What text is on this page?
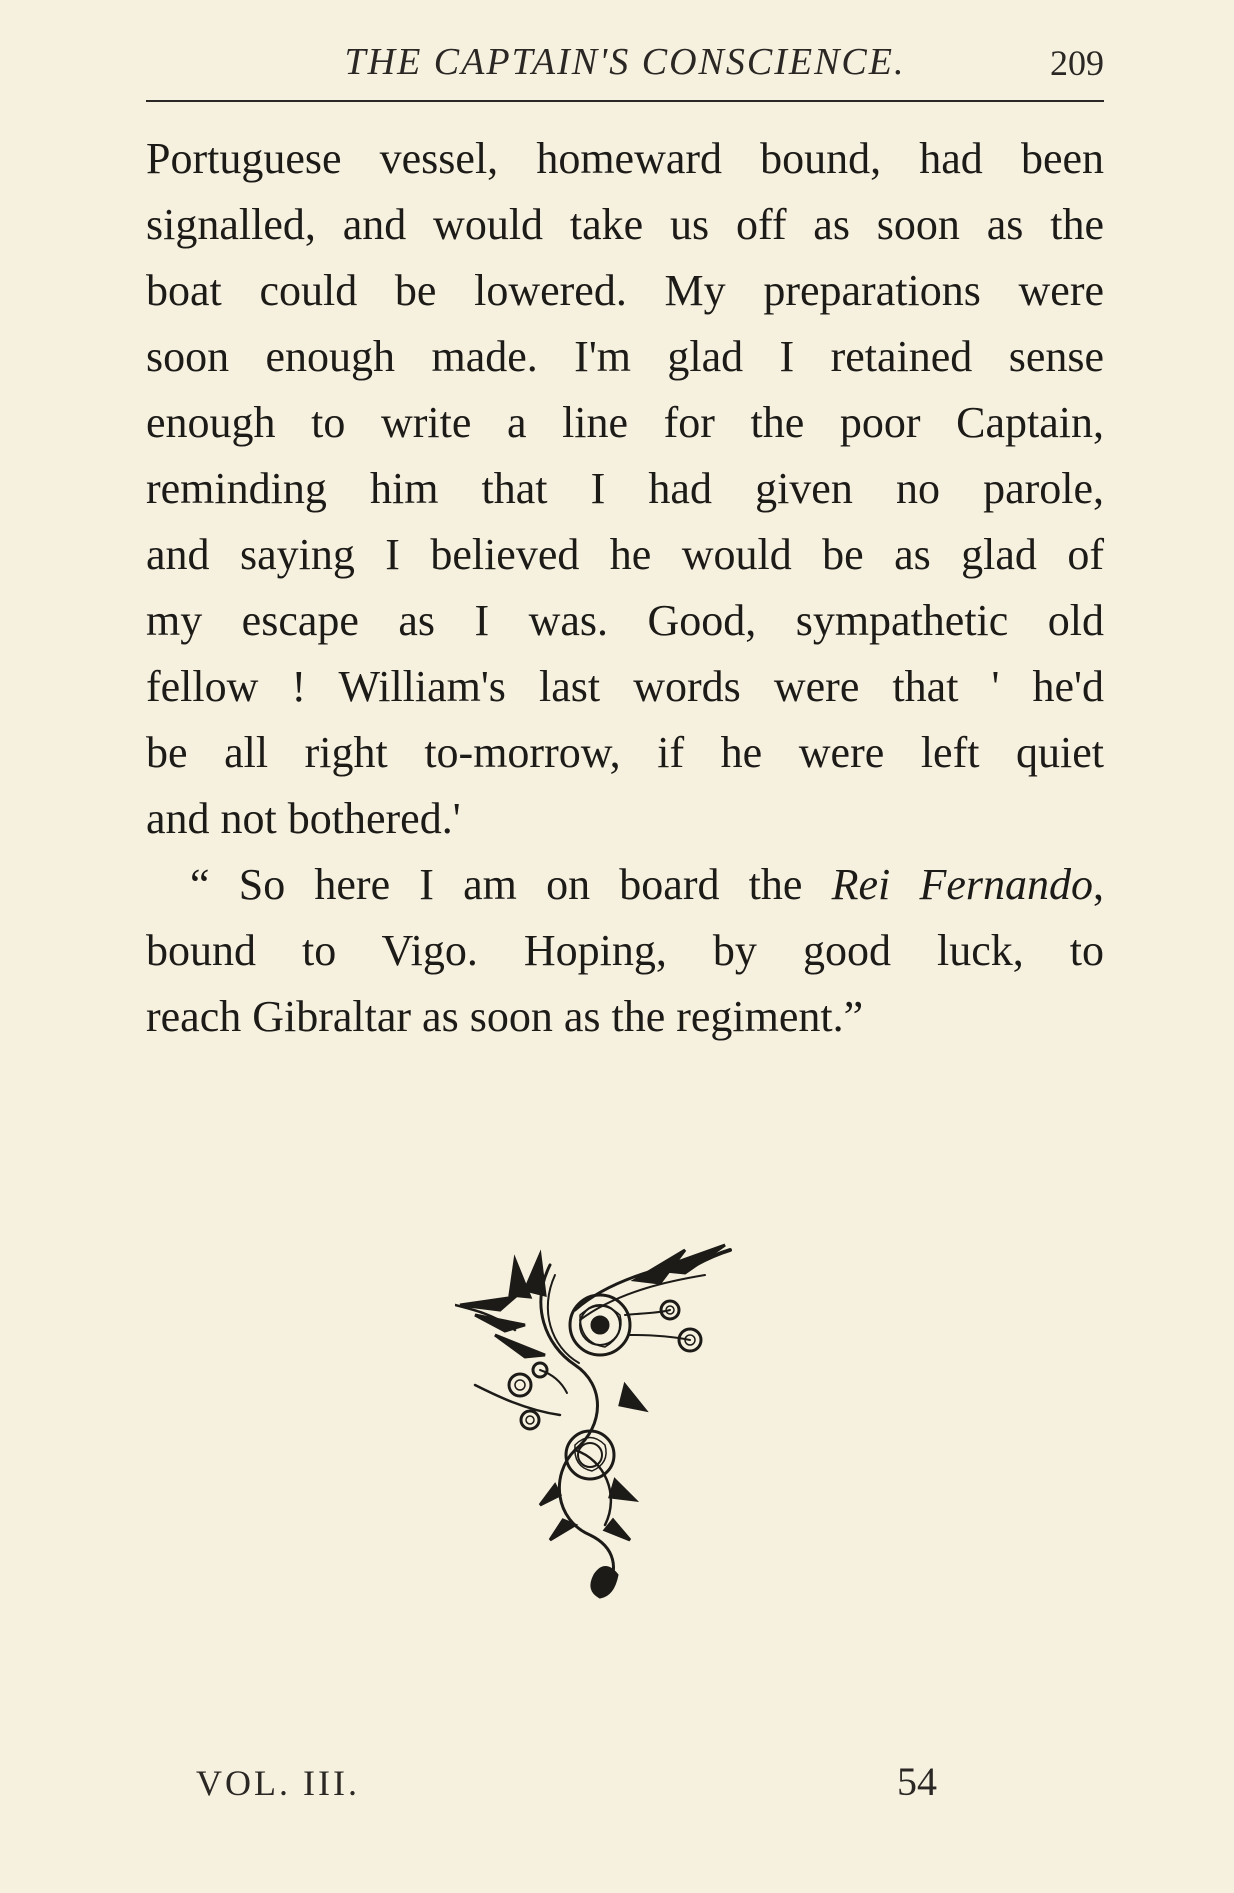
THE CAPTAIN'S CONSCIENCE.	209
Portuguese vessel, homeward bound, had been
signalled, and would take us off as soon as the
boat could be lowered. My preparations were
soon enough made. I'm glad I retained sense
enough to write a line for the poor Captain,
reminding him that I had given no parole,
and saying I believed he would be as glad of
my escape as I was. Good, sympathetic old
fellow ! William's last words were that ' he'd
be all right to-morrow, if he were left quiet
and not bothered.'
“ So here I am on board the Rei Fernando,
bound to Vigo. Hoping, by good luck, to
reach Gibraltar as soon as the regiment.”
VOL. III.	54
